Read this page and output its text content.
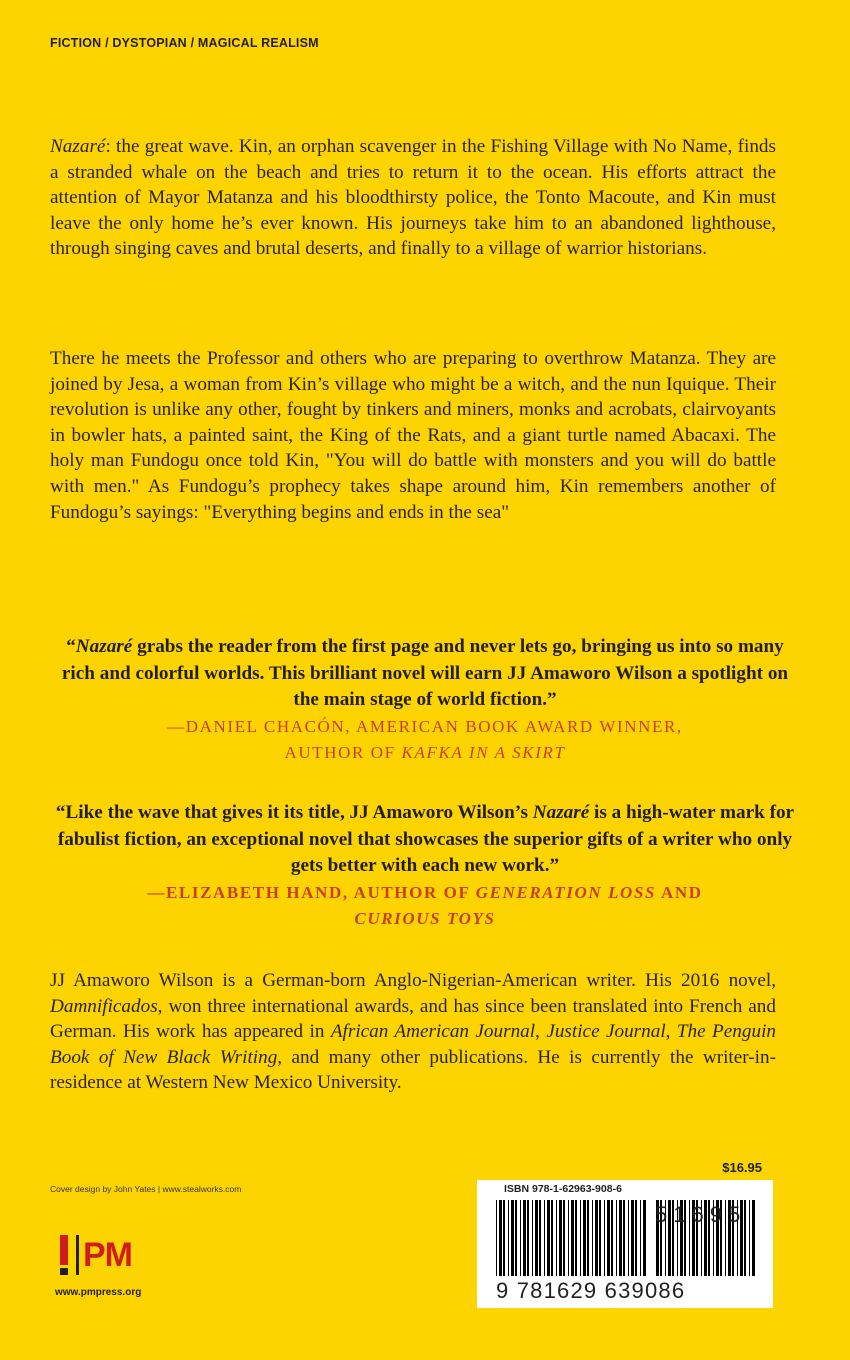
FICTION / DYSTOPIAN / MAGICAL REALISM

Nazaré: the great wave. Kin, an orphan scavenger in the Fishing Village with No Name, finds a stranded whale on the beach and tries to return it to the ocean. His efforts attract the attention of Mayor Matanza and his bloodthirsty police, the Tonto Macoute, and Kin must leave the only home he’s ever known. His journeys take him to an abandoned lighthouse, through singing caves and brutal deserts, and finally to a village of warrior historians.

There he meets the Professor and others who are preparing to overthrow Matanza. They are joined by Jesa, a woman from Kin’s village who might be a witch, and the nun Iquique. Their revolution is unlike any other, fought by tinkers and miners, monks and acrobats, clairvoyants in bowler hats, a painted saint, the King of the Rats, and a giant turtle named Abacaxi. The holy man Fundogu once told Kin, "You will do battle with monsters and you will do battle with men." As Fundogu’s prophecy takes shape around him, Kin remembers another of Fundogu’s sayings: "Everything begins and ends in the sea"

“Nazaré grabs the reader from the first page and never lets go, bringing us into so many rich and colorful worlds. This brilliant novel will earn JJ Amaworo Wilson a spotlight on the main stage of world fiction.”
—DANIEL CHACÓN, AMERICAN BOOK AWARD WINNER,
AUTHOR OF KAFKA IN A SKIRT

“Like the wave that gives it its title, JJ Amaworo Wilson’s Nazaré is a high-water mark for fabulist fiction, an exceptional novel that showcases the superior gifts of a writer who only gets better with each new work.”
—ELIZABETH HAND, AUTHOR OF GENERATION LOSS AND
CURIOUS TOYS

JJ Amaworo Wilson is a German-born Anglo-Nigerian-American writer. His 2016 novel, Damnificados, won three international awards, and has since been translated into French and German. His work has appeared in African American Journal, Justice Journal, The Penguin Book of New Black Writing, and many other publications. He is currently the writer-in-residence at Western New Mexico University.

Cover design by John Yates | www.stealworks.com
$16.95
PM
www.pmpress.org
ISBN 978-1-62963-908-6
51695
9 781629 639086
